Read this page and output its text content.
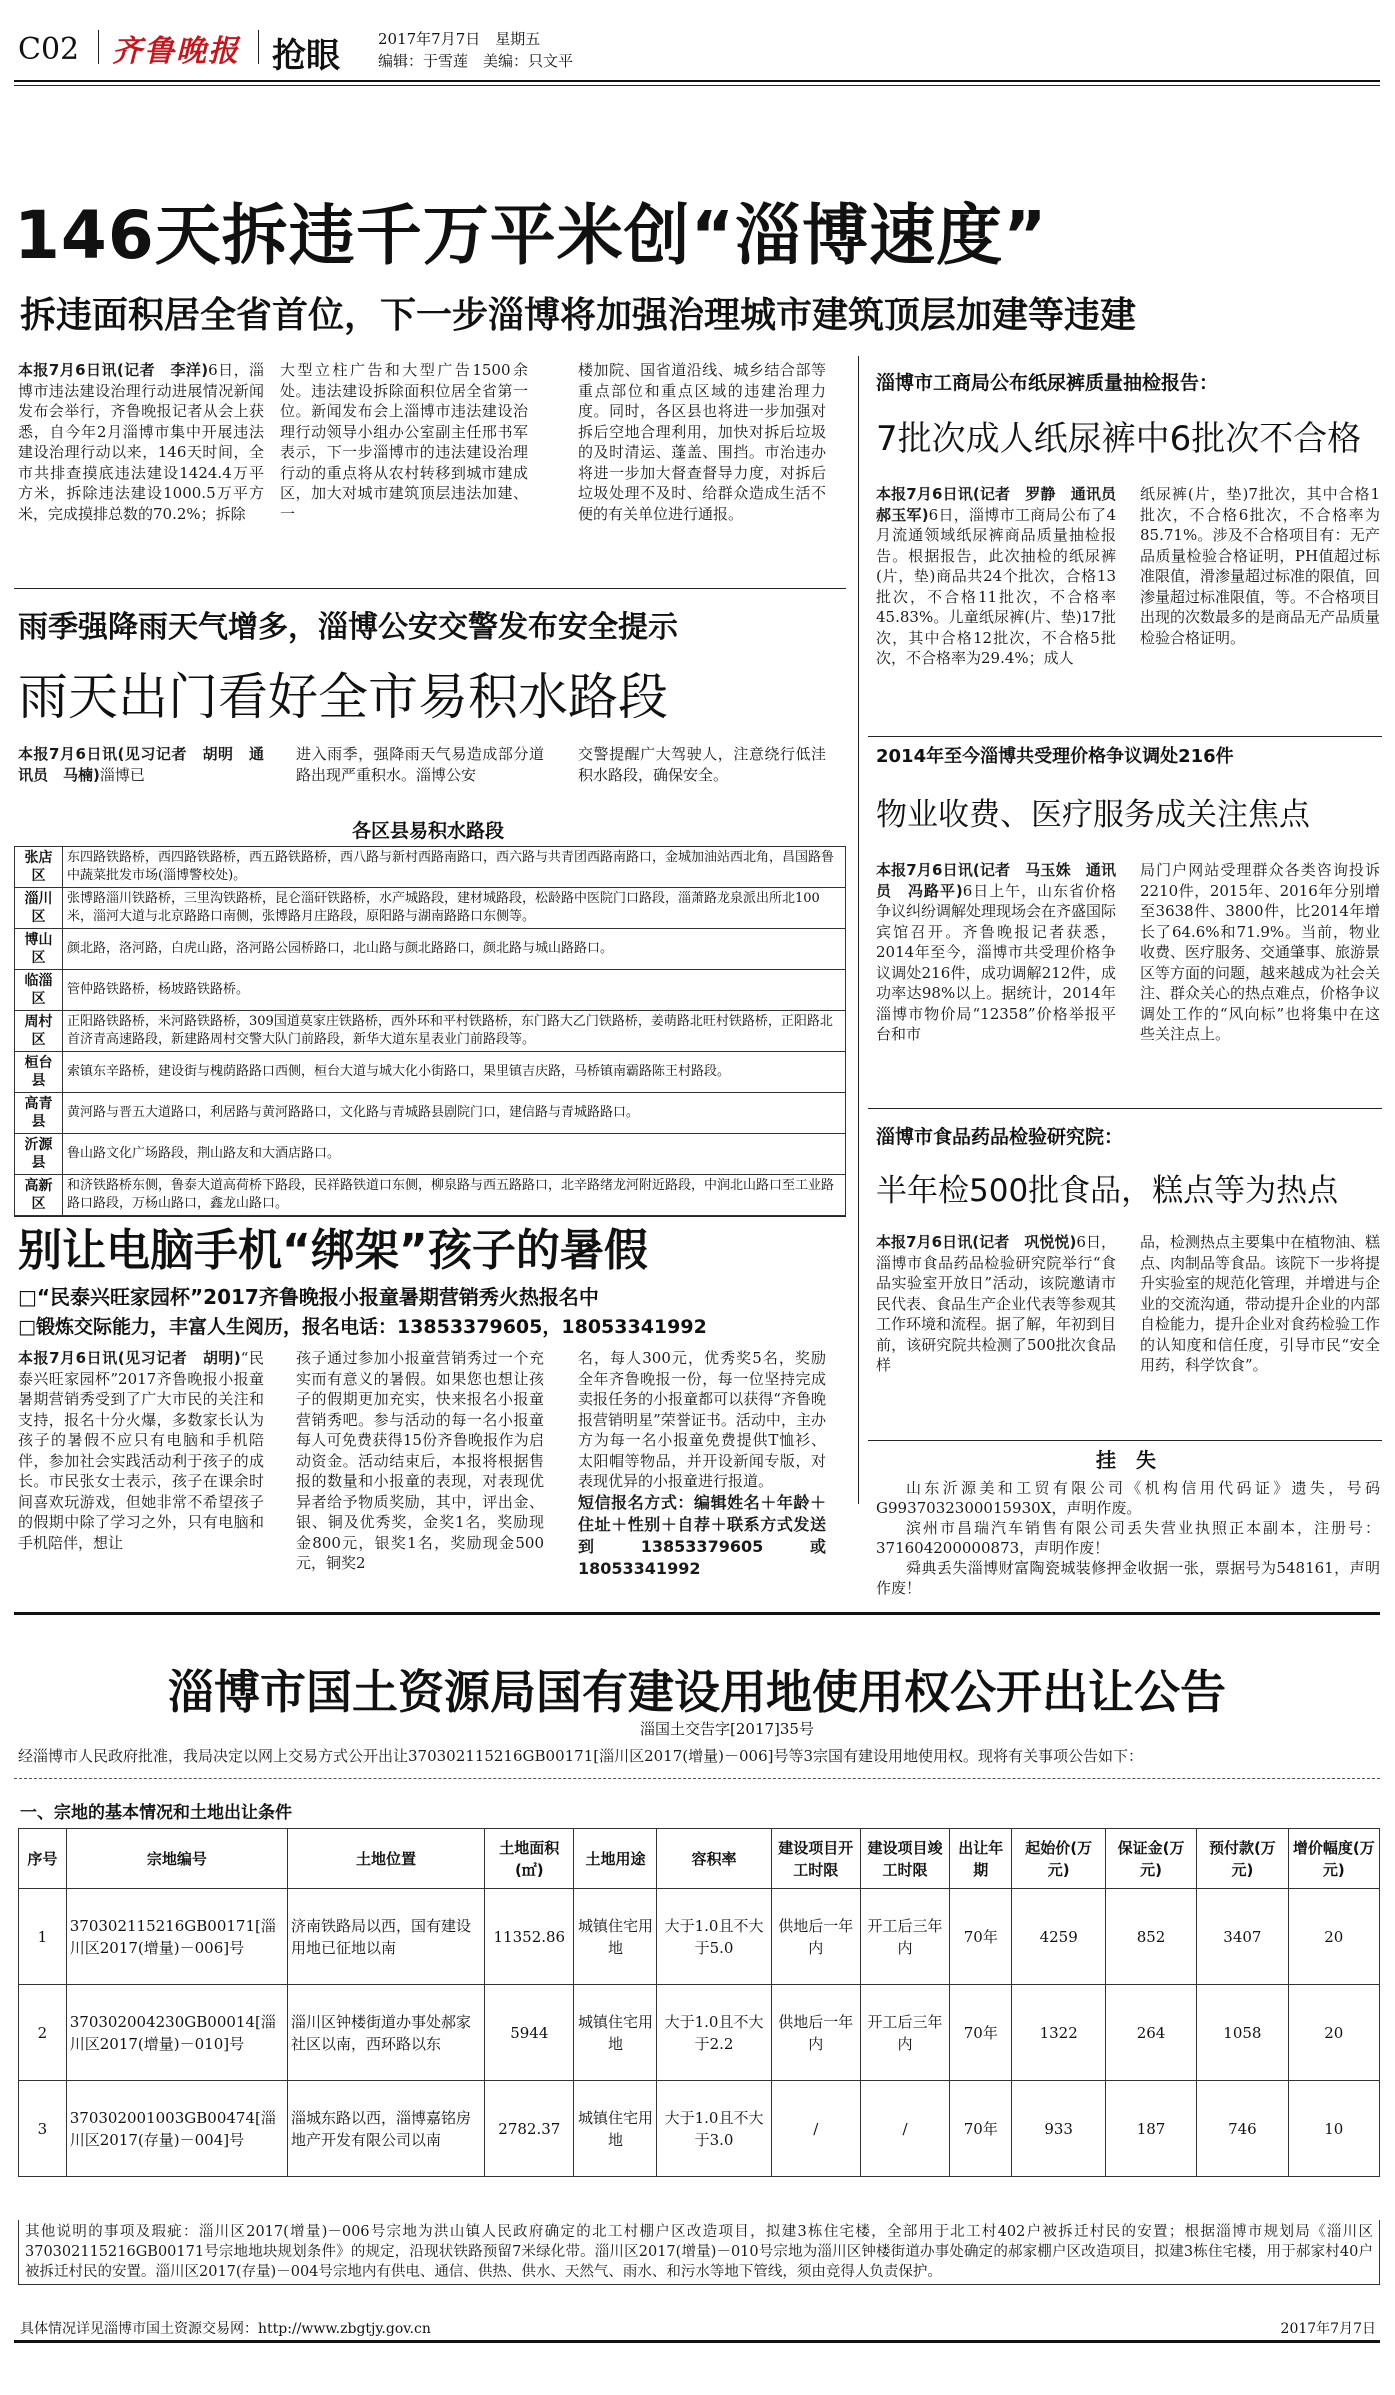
C02 齐鲁晚报 抢眼	2017年7月7日　星期五
编辑：于雪莲　美编：只文平
146天拆违千万平米创“淄博速度”
拆违面积居全省首位，下一步淄博将加强治理城市建筑顶层加建等违建
本报7月6日讯(记者　李洋)6日，淄博市违法建设治理行动进展情况新闻发布会举行，齐鲁晚报记者从会上获悉，自今年2月淄博市集中开展违法建设治理行动以来，146天时间，全市共排查摸底违法建设1424.4万平方米，拆除违法建设1000.5万平方米，完成摸排总数的70.2%；拆除
大型立柱广告和大型广告1500余处。违法建设拆除面积位居全省第一位。新闻发布会上淄博市违法建设治理行动领导小组办公室副主任邢书军表示，下一步淄博市的违法建设治理行动的重点将从农村转移到城市建成区，加大对城市建筑顶层违法加建、一
楼加院、国省道沿线、城乡结合部等重点部位和重点区域的违建治理力度。同时，各区县也将进一步加强对拆后空地合理利用，加快对拆后垃圾的及时清运、蓬盖、围挡。市治违办将进一步加大督查督导力度，对拆后垃圾处理不及时、给群众造成生活不便的有关单位进行通报。
雨季强降雨天气增多，淄博公安交警发布安全提示
雨天出门看好全市易积水路段
本报7月6日讯(见习记者　胡明　通讯员　马楠)淄博已
进入雨季，强降雨天气易造成部分道路出现严重积水。淄博公安
交警提醒广大驾驶人，注意绕行低洼积水路段，确保安全。
各区县易积水路段
张店区	东四路铁路桥，西四路铁路桥，西五路铁路桥，西八路与新村西路南路口，西六路与共青团西路南路口，金城加油站西北角，昌国路鲁中蔬菜批发市场(淄博警校处)。
淄川区	张博路淄川铁路桥，三里沟铁路桥，昆仑淄矸铁路桥，水产城路段，建材城路段，松龄路中医院门口路段，淄萧路龙泉派出所北100米，淄河大道与北京路路口南侧，张博路月庄路段，原阳路与湖南路路口东侧等。
博山区	颜北路，洛河路，白虎山路，洛河路公园桥路口，北山路与颜北路路口，颜北路与城山路路口。
临淄区	管仲路铁路桥，杨坡路铁路桥。
周村区	正阳路铁路桥，米河路铁路桥，309国道莫家庄铁路桥，西外环和平村铁路桥，东门路大乙门铁路桥，姜萌路北旺村铁路桥，正阳路北首济青高速路段，新建路周村交警大队门前路段，新华大道东星表业门前路段等。
桓台县	索镇东辛路桥，建设街与槐荫路路口西侧，桓台大道与城大化小街路口，果里镇吉庆路，马桥镇南霸路陈王村路段。
高青县	黄河路与晋五大道路口，利居路与黄河路路口，文化路与青城路县剧院门口，建信路与青城路路口。
沂源县	鲁山路文化广场路段，荆山路友和大酒店路口。
高新区	和济铁路桥东侧，鲁泰大道高荷桥下路段，民祥路铁道口东侧，柳泉路与西五路路口，北辛路绪龙河附近路段，中润北山路口至工业路路口路段，万杨山路口，鑫龙山路口。
别让电脑手机“绑架”孩子的暑假
□“民泰兴旺家园杯”2017齐鲁晚报小报童暑期营销秀火热报名中
□锻炼交际能力，丰富人生阅历，报名电话：13853379605，18053341992
本报7月6日讯(见习记者　胡明)“民泰兴旺家园杯”2017齐鲁晚报小报童暑期营销秀受到了广大市民的关注和支持，报名十分火爆，多数家长认为孩子的暑假不应只有电脑和手机陪伴，参加社会实践活动利于孩子的成长。市民张女士表示，孩子在课余时间喜欢玩游戏，但她非常不希望孩子的假期中除了学习之外，只有电脑和手机陪伴，想让
孩子通过参加小报童营销秀过一个充实而有意义的暑假。如果您也想让孩子的假期更加充实，快来报名小报童营销秀吧。参与活动的每一名小报童每人可免费获得15份齐鲁晚报作为启动资金。活动结束后，本报将根据售报的数量和小报童的表现，对表现优异者给予物质奖励，其中，评出金、银、铜及优秀奖，金奖1名，奖励现金800元，银奖1名，奖励现金500元，铜奖2
名，每人300元，优秀奖5名，奖励全年齐鲁晚报一份，每一位坚持完成卖报任务的小报童都可以获得“齐鲁晚报营销明星”荣誉证书。活动中，主办方为每一名小报童免费提供T恤衫、太阳帽等物品，并开设新闻专版，对表现优异的小报童进行报道。
短信报名方式：编辑姓名＋年龄＋住址＋性别＋自荐＋联系方式发送到13853379605或18053341992
淄博市工商局公布纸尿裤质量抽检报告：
7批次成人纸尿裤中6批次不合格
本报7月6日讯(记者　罗静　通讯员　郝玉军)6日，淄博市工商局公布了4月流通领域纸尿裤商品质量抽检报告。根据报告，此次抽检的纸尿裤(片，垫)商品共24个批次，合格13批次，不合格11批次，不合格率45.83%。儿童纸尿裤(片、垫)17批次，其中合格12批次，不合格5批次，不合格率为29.4%；成人
纸尿裤(片，垫)7批次，其中合格1批次，不合格6批次，不合格率为85.71%。涉及不合格项目有：无产品质量检验合格证明，PH值超过标准限值，滑渗量超过标准的限值，回渗量超过标准限值，等。不合格项目出现的次数最多的是商品无产品质量检验合格证明。
2014年至今淄博共受理价格争议调处216件
物业收费、医疗服务成关注焦点
本报7月6日讯(记者　马玉姝　通讯员　冯路平)6日上午，山东省价格争议纠纷调解处理现场会在齐盛国际宾馆召开。齐鲁晚报记者获悉，2014年至今，淄博市共受理价格争议调处216件，成功调解212件，成功率达98%以上。据统计，2014年淄博市物价局“12358”价格举报平台和市
局门户网站受理群众各类咨询投诉2210件，2015年、2016年分别增至3638件、3800件，比2014年增长了64.6%和71.9%。当前，物业收费、医疗服务、交通肇事、旅游景区等方面的问题，越来越成为社会关注、群众关心的热点难点，价格争议调处工作的“风向标”也将集中在这些关注点上。
淄博市食品药品检验研究院：
半年检500批食品，糕点等为热点
本报7月6日讯(记者　巩悦悦)6日，淄博市食品药品检验研究院举行“食品实验室开放日”活动，该院邀请市民代表、食品生产企业代表等参观其工作环境和流程。据了解，年初到目前，该研究院共检测了500批次食品样
品，检测热点主要集中在植物油、糕点、肉制品等食品。该院下一步将提升实验室的规范化管理，并增进与企业的交流沟通，带动提升企业的内部自检能力，提升企业对食药检验工作的认知度和信任度，引导市民“安全用药，科学饮食”。
挂　失
山东沂源美和工贸有限公司《机构信用代码证》遗失，号码G9937032300015930X，声明作废。
滨州市昌瑞汽车销售有限公司丢失营业执照正本副本，注册号：371604200000873，声明作废！
舜典丢失淄博财富陶瓷城装修押金收据一张，票据号为548161，声明作废！
淄博市国土资源局国有建设用地使用权公开出让公告
淄国土交告字[2017]35号
经淄博市人民政府批准，我局决定以网上交易方式公开出让370302115216GB00171[淄川区2017(增量)－006]号等3宗国有建设用地使用权。现将有关事项公告如下：
一、宗地的基本情况和土地出让条件
序号	宗地编号	土地位置	土地面积(㎡)	土地用途	容积率	建设项目开工时限	建设项目竣工时限	出让年期	起始价(万元)	保证金(万元)	预付款(万元)	增价幅度(万元)
1	370302115216GB00171[淄川区2017(增量)－006]号	济南铁路局以西，国有建设用地已征地以南	11352.86	城镇住宅用地	大于1.0且不大于5.0	供地后一年内	开工后三年内	70年	4259	852	3407	20
2	370302004230GB00014[淄川区2017(增量)－010]号	淄川区钟楼街道办事处郝家社区以南，西环路以东	5944	城镇住宅用地	大于1.0且不大于2.2	供地后一年内	开工后三年内	70年	1322	264	1058	20
3	370302001003GB00474[淄川区2017(存量)－004]号	淄城东路以西，淄博嘉铭房地产开发有限公司以南	2782.37	城镇住宅用地	大于1.0且不大于3.0	/	/	70年	933	187	746	10
其他说明的事项及瑕疵：淄川区2017(增量)－006号宗地为洪山镇人民政府确定的北工村棚户区改造项目，拟建3栋住宅楼，全部用于北工村402户被拆迁村民的安置；根据淄博市规划局《淄川区370302115216GB00171号宗地地块规划条件》的规定，沿现状铁路预留7米绿化带。淄川区2017(增量)－010号宗地为淄川区钟楼街道办事处确定的郝家棚户区改造项目，拟建3栋住宅楼，用于郝家村40户被拆迁村民的安置。淄川区2017(存量)－004号宗地内有供电、通信、供热、供水、天然气、雨水、和污水等地下管线，须由竞得人负责保护。
具体情况详见淄博市国土资源交易网：http://www.zbgtjy.gov.cn	2017年7月7日
